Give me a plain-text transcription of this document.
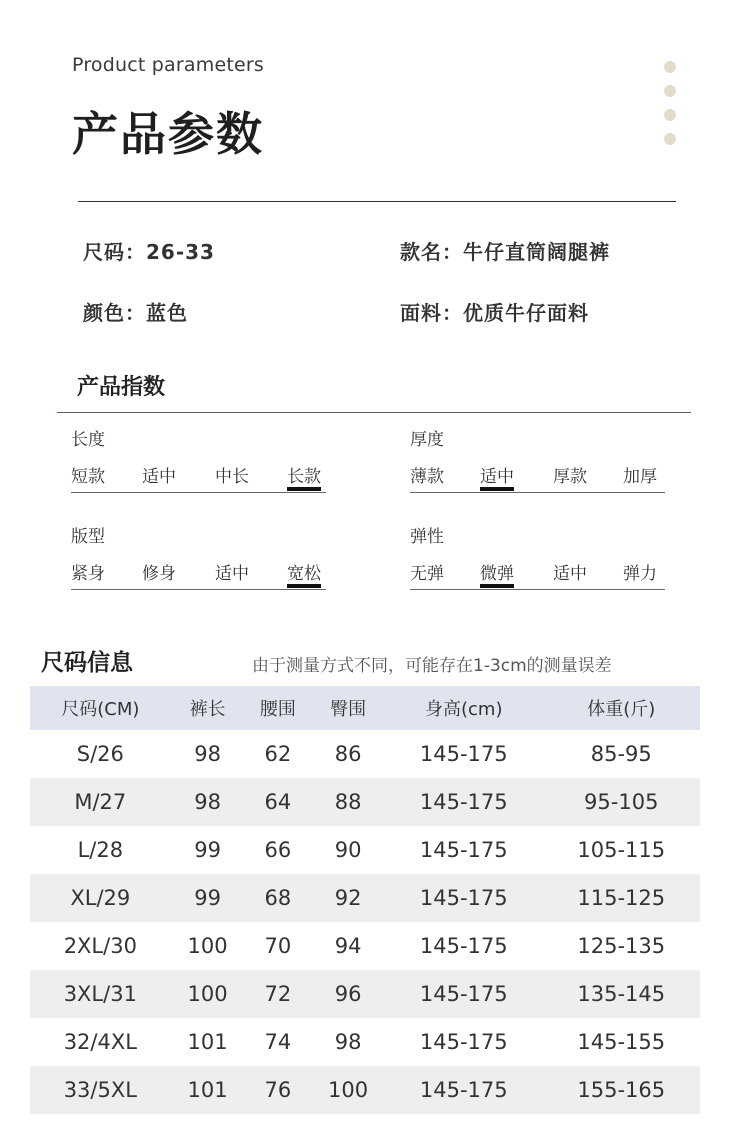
Product parameters
产品参数
尺码：26-33	款名：牛仔直筒阔腿裤
颜色：蓝色	面料：优质牛仔面料
产品指数
长度
短款 适中 中长 长款
厚度
薄款 适中 厚款 加厚
版型
紧身 修身 适中 宽松
弹性
无弹 微弹 适中 弹力
尺码信息	由于测量方式不同，可能存在1-3cm的测量误差
尺码(CM)	裤长	腰围	臀围	身高(cm)	体重(斤)
S/26	98	62	86	145-175	85-95
M/27	98	64	88	145-175	95-105
L/28	99	66	90	145-175	105-115
XL/29	99	68	92	145-175	115-125
2XL/30	100	70	94	145-175	125-135
3XL/31	100	72	96	145-175	135-145
32/4XL	101	74	98	145-175	145-155
33/5XL	101	76	100	145-175	155-165
